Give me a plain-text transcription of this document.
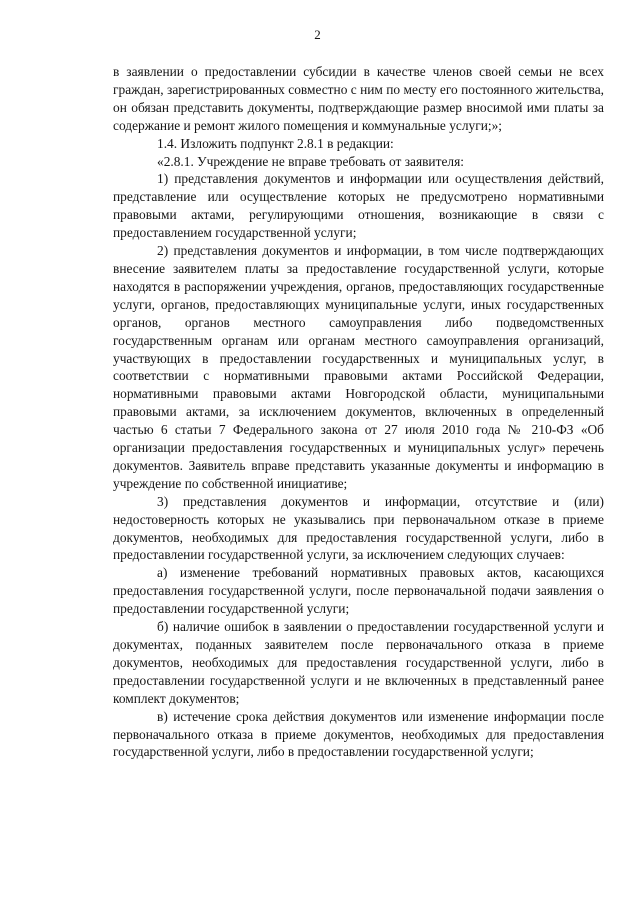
2

в заявлении о предоставлении субсидии в качестве членов своей семьи не всех граждан, зарегистрированных совместно с ним по месту его постоянного жительства, он обязан представить документы, подтверждающие размер вносимой ими платы за содержание и ремонт жилого помещения и коммунальные услуги;»;

1.4. Изложить подпункт 2.8.1 в редакции:

«2.8.1. Учреждение не вправе требовать от заявителя:

1) представления документов и информации или осуществления действий, представление или осуществление которых не предусмотрено нормативными правовыми актами, регулирующими отношения, возникающие в связи с предоставлением государственной услуги;

2) представления документов и информации, в том числе подтверждающих внесение заявителем платы за предоставление государственной услуги, которые находятся в распоряжении учреждения, органов, предоставляющих государственные услуги, органов, предоставляющих муниципальные услуги, иных государственных органов, органов местного самоуправления либо подведомственных государственным органам или органам местного самоуправления организаций, участвующих в предоставлении государственных и муниципальных услуг, в соответствии с нормативными правовыми актами Российской Федерации, нормативными правовыми актами Новгородской области, муниципальными правовыми актами, за исключением документов, включенных в определенный частью 6 статьи 7 Федерального закона от 27 июля 2010 года № 210-ФЗ «Об организации предоставления государственных и муниципальных услуг» перечень документов. Заявитель вправе представить указанные документы и информацию в учреждение по собственной инициативе;

3) представления документов и информации, отсутствие и (или) недостоверность которых не указывались при первоначальном отказе в приеме документов, необходимых для предоставления государственной услуги, либо в предоставлении государственной услуги, за исключением следующих случаев:

а) изменение требований нормативных правовых актов, касающихся предоставления государственной услуги, после первоначальной подачи заявления о предоставлении государственной услуги;

б) наличие ошибок в заявлении о предоставлении государственной услуги и документах, поданных заявителем после первоначального отказа в приеме документов, необходимых для предоставления государственной услуги, либо в предоставлении государственной услуги и не включенных в представленный ранее комплект документов;

в) истечение срока действия документов или изменение информации после первоначального отказа в приеме документов, необходимых для предоставления государственной услуги, либо в предоставлении государственной услуги;
